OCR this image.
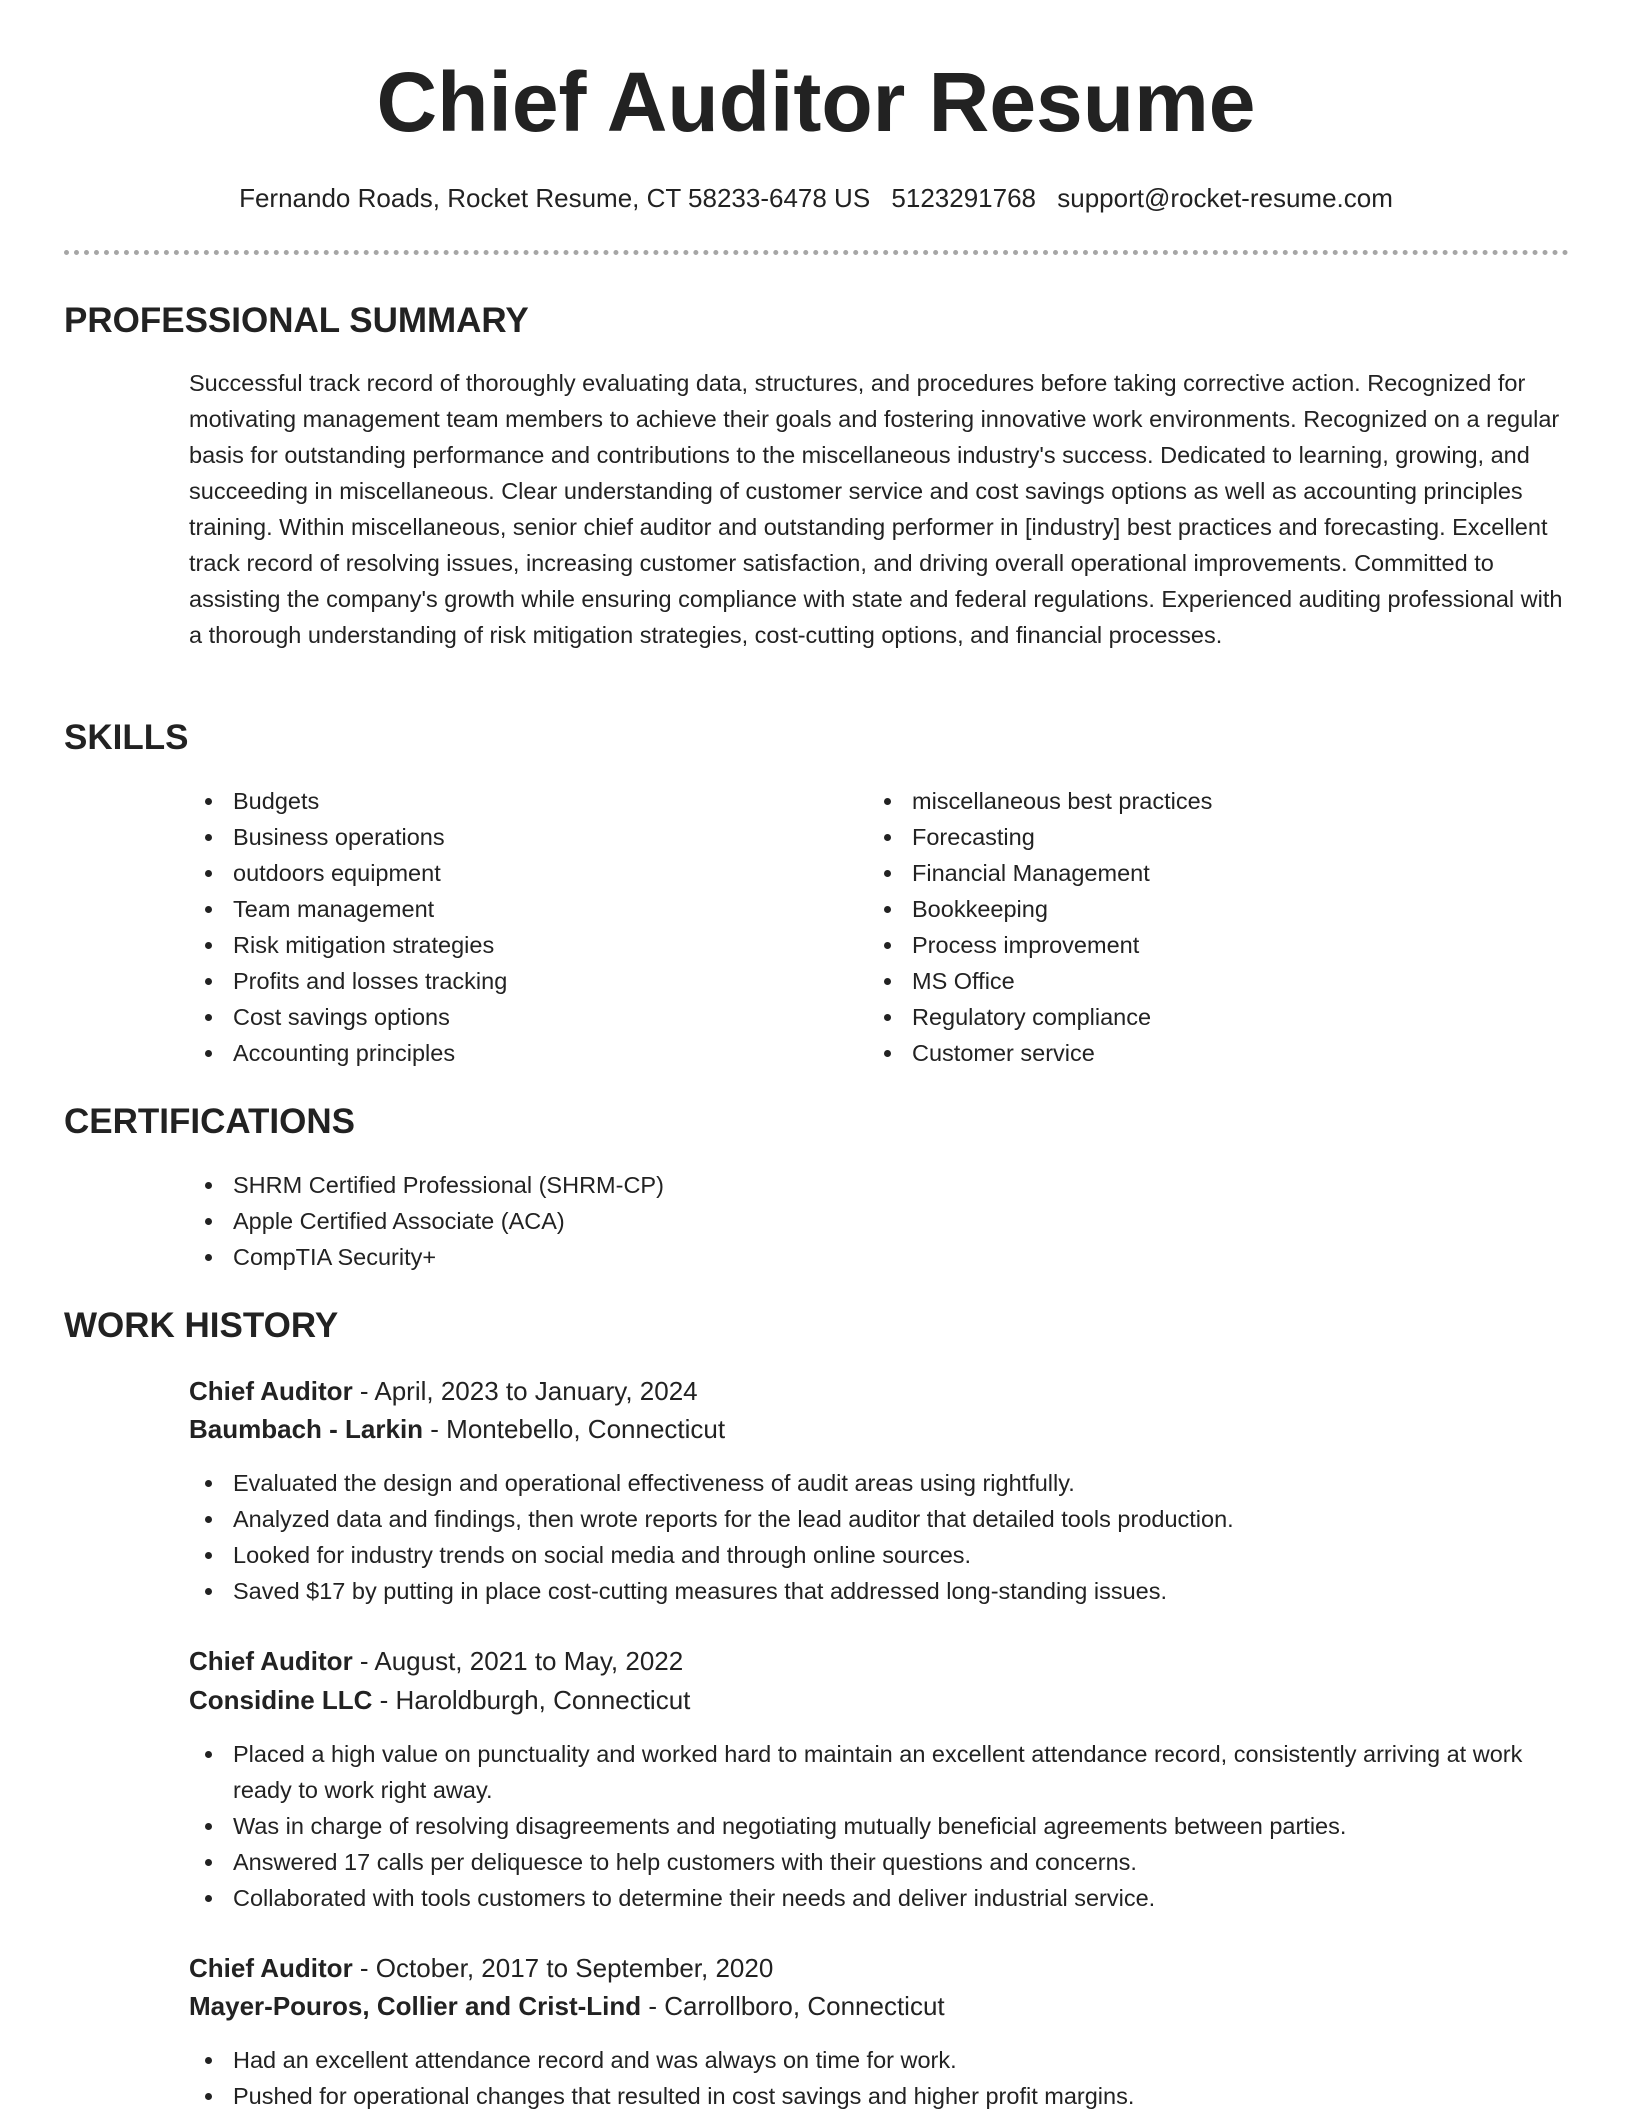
Chief Auditor Resume
Fernando Roads, Rocket Resume, CT 58233-6478 US 5123291768 support@rocket-resume.com
PROFESSIONAL SUMMARY

Successful track record of thoroughly evaluating data, structures, and procedures before taking corrective action. Recognized for motivating management team members to achieve their goals and fostering innovative work environments. Recognized on a regular basis for outstanding performance and contributions to the miscellaneous industry's success. Dedicated to learning, growing, and succeeding in miscellaneous. Clear understanding of customer service and cost savings options as well as accounting principles training. Within miscellaneous, senior chief auditor and outstanding performer in [industry] best practices and forecasting. Excellent track record of resolving issues, increasing customer satisfaction, and driving overall operational improvements. Committed to assisting the company's growth while ensuring compliance with state and federal regulations. Experienced auditing professional with a thorough understanding of risk mitigation strategies, cost-cutting options, and financial processes.

SKILLS
Budgets
Business operations
outdoors equipment
Team management
Risk mitigation strategies
Profits and losses tracking
Cost savings options
Accounting principles
miscellaneous best practices
Forecasting
Financial Management
Bookkeeping
Process improvement
MS Office
Regulatory compliance
Customer service
CERTIFICATIONS
SHRM Certified Professional (SHRM-CP)
Apple Certified Associate (ACA)
CompTIA Security+
WORK HISTORY
Chief Auditor - April, 2023 to January, 2024
Baumbach - Larkin - Montebello, Connecticut
Evaluated the design and operational effectiveness of audit areas using rightfully.
Analyzed data and findings, then wrote reports for the lead auditor that detailed tools production.
Looked for industry trends on social media and through online sources.
Saved $17 by putting in place cost-cutting measures that addressed long-standing issues.
Chief Auditor - August, 2021 to May, 2022
Considine LLC - Haroldburgh, Connecticut
Placed a high value on punctuality and worked hard to maintain an excellent attendance record, consistently arriving at work ready to work right away.
Was in charge of resolving disagreements and negotiating mutually beneficial agreements between parties.
Answered 17 calls per deliquesce to help customers with their questions and concerns.
Collaborated with tools customers to determine their needs and deliver industrial service.
Chief Auditor - October, 2017 to September, 2020
Mayer-Pouros, Collier and Crist-Lind - Carrollboro, Connecticut
Had an excellent attendance record and was always on time for work.
Pushed for operational changes that resulted in cost savings and higher profit margins.
